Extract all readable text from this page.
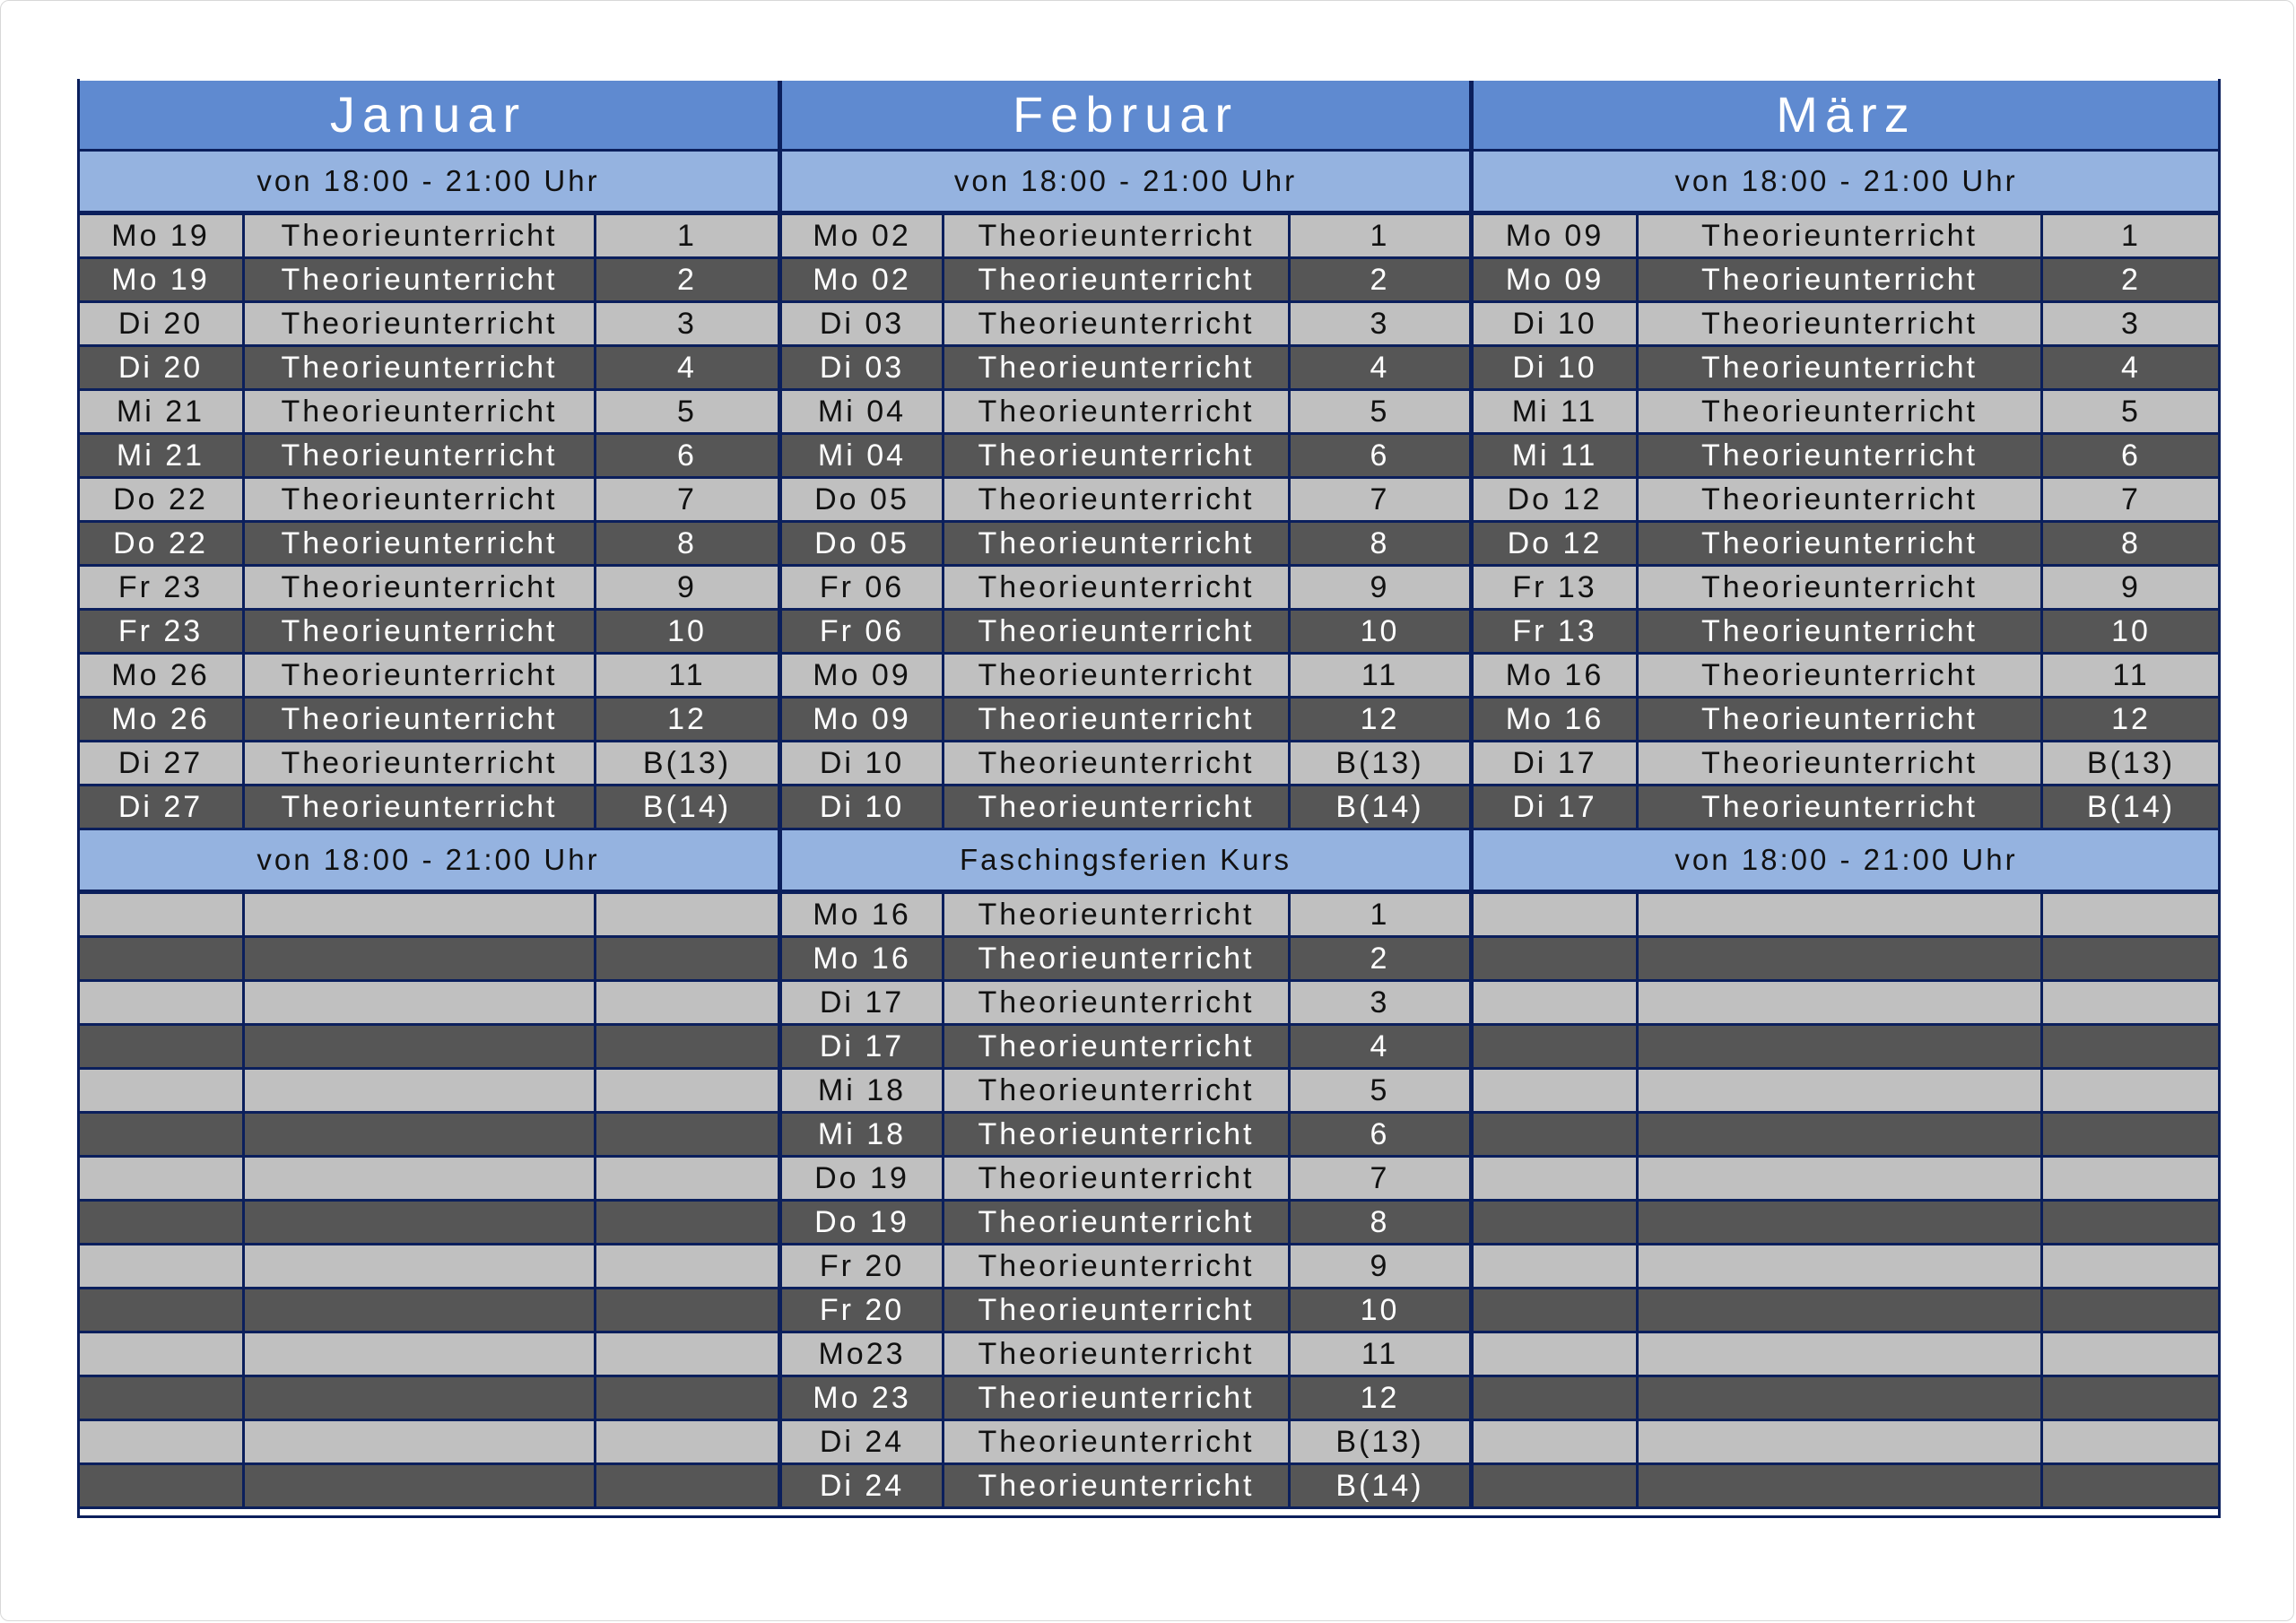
Januar
von 18:00 - 21:00 Uhr
Mo 19	Theorieunterricht	1
Mo 19	Theorieunterricht	2
Di 20	Theorieunterricht	3
Di 20	Theorieunterricht	4
Mi 21	Theorieunterricht	5
Mi 21	Theorieunterricht	6
Do 22	Theorieunterricht	7
Do 22	Theorieunterricht	8
Fr 23	Theorieunterricht	9
Fr 23	Theorieunterricht	10
Mo 26	Theorieunterricht	11
Mo 26	Theorieunterricht	12
Di 27	Theorieunterricht	B(13)
Di 27	Theorieunterricht	B(14)
von 18:00 - 21:00 Uhr
Februar
von 18:00 - 21:00 Uhr
Mo 02	Theorieunterricht	1
Mo 02	Theorieunterricht	2
Di 03	Theorieunterricht	3
Di 03	Theorieunterricht	4
Mi 04	Theorieunterricht	5
Mi 04	Theorieunterricht	6
Do 05	Theorieunterricht	7
Do 05	Theorieunterricht	8
Fr 06	Theorieunterricht	9
Fr 06	Theorieunterricht	10
Mo 09	Theorieunterricht	11
Mo 09	Theorieunterricht	12
Di 10	Theorieunterricht	B(13)
Di 10	Theorieunterricht	B(14)
Faschingsferien Kurs
Mo 16	Theorieunterricht	1
Mo 16	Theorieunterricht	2
Di 17	Theorieunterricht	3
Di 17	Theorieunterricht	4
Mi 18	Theorieunterricht	5
Mi 18	Theorieunterricht	6
Do 19	Theorieunterricht	7
Do 19	Theorieunterricht	8
Fr 20	Theorieunterricht	9
Fr 20	Theorieunterricht	10
Mo23	Theorieunterricht	11
Mo 23	Theorieunterricht	12
Di 24	Theorieunterricht	B(13)
Di 24	Theorieunterricht	B(14)
März
von 18:00 - 21:00 Uhr
Mo 09	Theorieunterricht	1
Mo 09	Theorieunterricht	2
Di 10	Theorieunterricht	3
Di 10	Theorieunterricht	4
Mi 11	Theorieunterricht	5
Mi 11	Theorieunterricht	6
Do 12	Theorieunterricht	7
Do 12	Theorieunterricht	8
Fr 13	Theorieunterricht	9
Fr 13	Theorieunterricht	10
Mo 16	Theorieunterricht	11
Mo 16	Theorieunterricht	12
Di 17	Theorieunterricht	B(13)
Di 17	Theorieunterricht	B(14)
von 18:00 - 21:00 Uhr
